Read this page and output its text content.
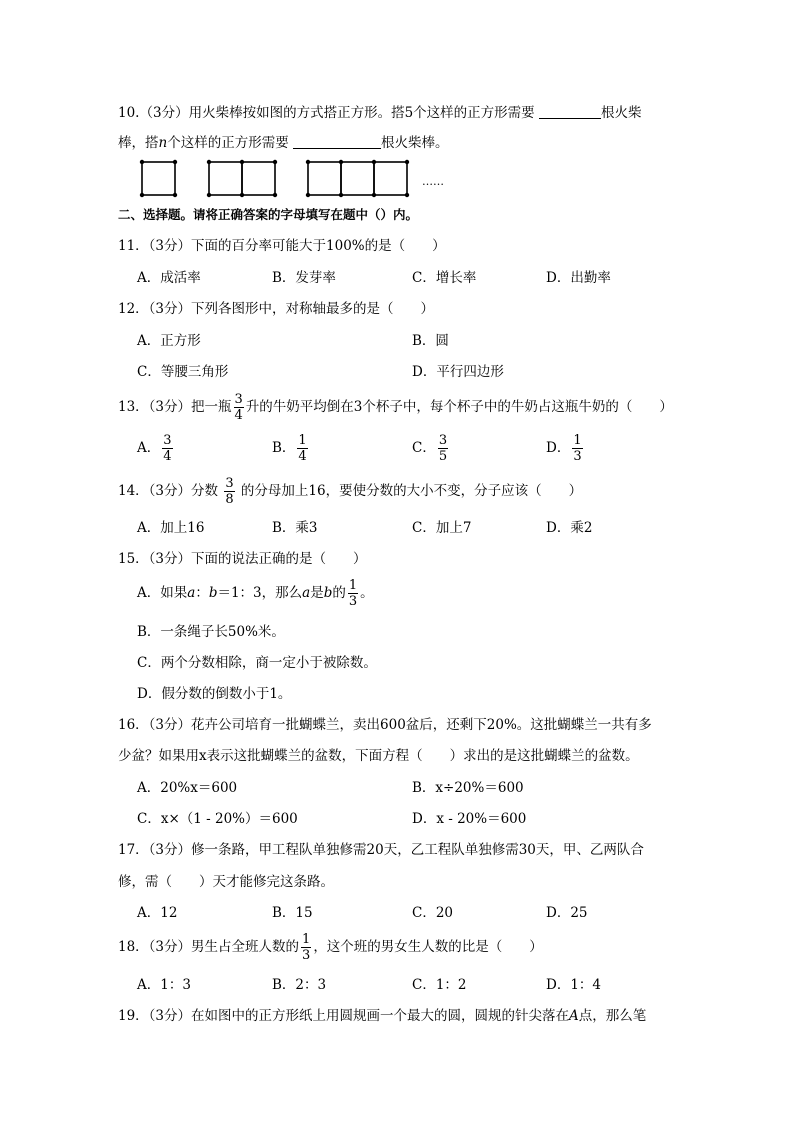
10.（3分）用火柴棒按如图的方式搭正方形。搭5个这样的正方形需要	根火柴
棒，搭n个这样的正方形需要	根火柴棒。
……
二、选择题。请将正确答案的字母填写在题中（）内。
11．（3分）下面的百分率可能大于100%的是（　　）
A．成活率	B．发芽率	C．增长率	D．出勤率
12．（3分）下列各图形中，对称轴最多的是（　　）
A．正方形	B．圆
C．等腰三角形	D．平行四边形
13．（3分）把一瓶 $\frac{3}{4}$ 升的牛奶平均倒在3个杯子中，每个杯子中的牛奶占这瓶牛奶的（　　）
A． $\frac{3}{4}$	B． $\frac{1}{4}$	C． $\frac{3}{5}$	D． $\frac{1}{3}$
14．（3分）分数 $\frac{3}{8}$ 的分母加上16，要使分数的大小不变，分子应该（　　）
A．加上16	B．乘3	C．加上7	D．乘2
15．（3分）下面的说法正确的是（　　）
A．如果a：b＝1：3，那么a是b的 $\frac{1}{3}$ 。
B．一条绳子长50%米。
C．两个分数相除，商一定小于被除数。
D．假分数的倒数小于1。
16．（3分）花卉公司培育一批蝴蝶兰，卖出600盆后，还剩下20%。这批蝴蝶兰一共有多
少盆？如果用x表示这批蝴蝶兰的盆数，下面方程（　　）求出的是这批蝴蝶兰的盆数。
A．20%x＝600	B．x÷20%＝600
C．x×（1 - 20%）＝600	D．x - 20%＝600
17．（3分）修一条路，甲工程队单独修需20天，乙工程队单独修需30天，甲、乙两队合
修，需（　　）天才能修完这条路。
A．12	B．15	C．20	D．25
18．（3分）男生占全班人数的 $\frac{1}{3}$ ，这个班的男女生人数的比是（　　）
A．1：3	B．2：3	C．1：2	D．1：4
19．（3分）在如图中的正方形纸上用圆规画一个最大的圆，圆规的针尖落在A点，那么笔
